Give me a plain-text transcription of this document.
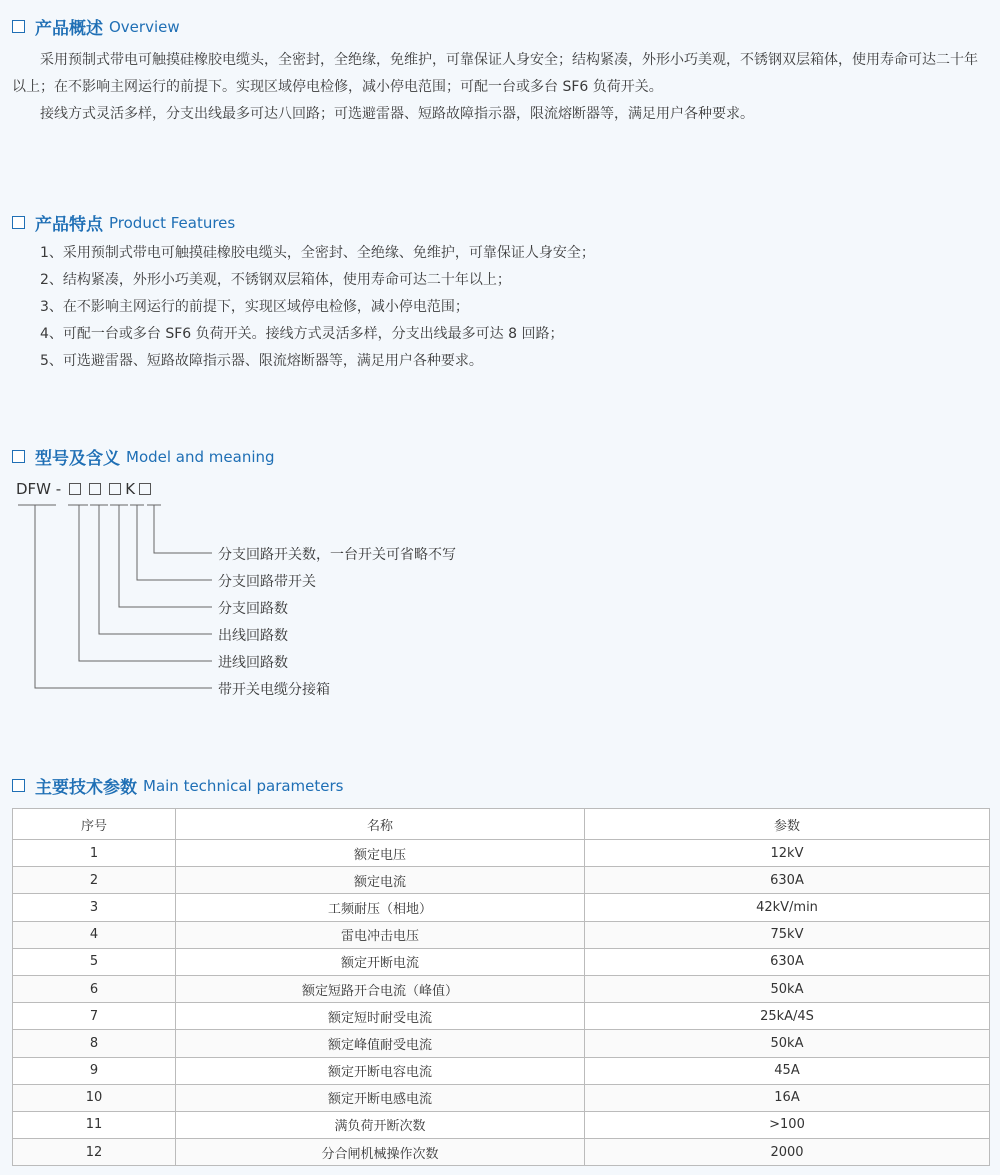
产品概述 Overview

采用预制式带电可触摸硅橡胶电缆头，全密封，全绝缘，免维护，可靠保证人身安全；结构紧凑，外形小巧美观，不锈钢双层箱体，使用寿命可达二十年以上；在不影响主网运行的前提下。实现区域停电检修，减小停电范围；可配一台或多台 SF6 负荷开关。

接线方式灵活多样，分支出线最多可达八回路；可选避雷器、短路故障指示器，限流熔断器等，满足用户各种要求。

产品特点 Product Features
1、采用预制式带电可触摸硅橡胶电缆头，全密封、全绝缘、免维护，可靠保证人身安全；
2、结构紧凑，外形小巧美观，不锈钢双层箱体，使用寿命可达二十年以上；
3、在不影响主网运行的前提下，实现区域停电检修，减小停电范围；
4、可配一台或多台 SF6 负荷开关。接线方式灵活多样，分支出线最多可达 8 回路；
5、可选避雷器、短路故障指示器、限流熔断器等，满足用户各种要求。
型号及含义 Model and meaning
DFW -	K
分支回路开关数，一台开关可省略不写
分支回路带开关
分支回路数
出线回路数
进线回路数
带开关电缆分接箱
主要技术参数 Main technical parameters
序号	名称	参数
1	额定电压	12kV
2	额定电流	630A
3	工频耐压（相地）	42kV/min
4	雷电冲击电压	75kV
5	额定开断电流	630A
6	额定短路开合电流（峰值）	50kA
7	额定短时耐受电流	25kA/4S
8	额定峰值耐受电流	50kA
9	额定开断电容电流	45A
10	额定开断电感电流	16A
11	满负荷开断次数	>100
12	分合闸机械操作次数	2000
